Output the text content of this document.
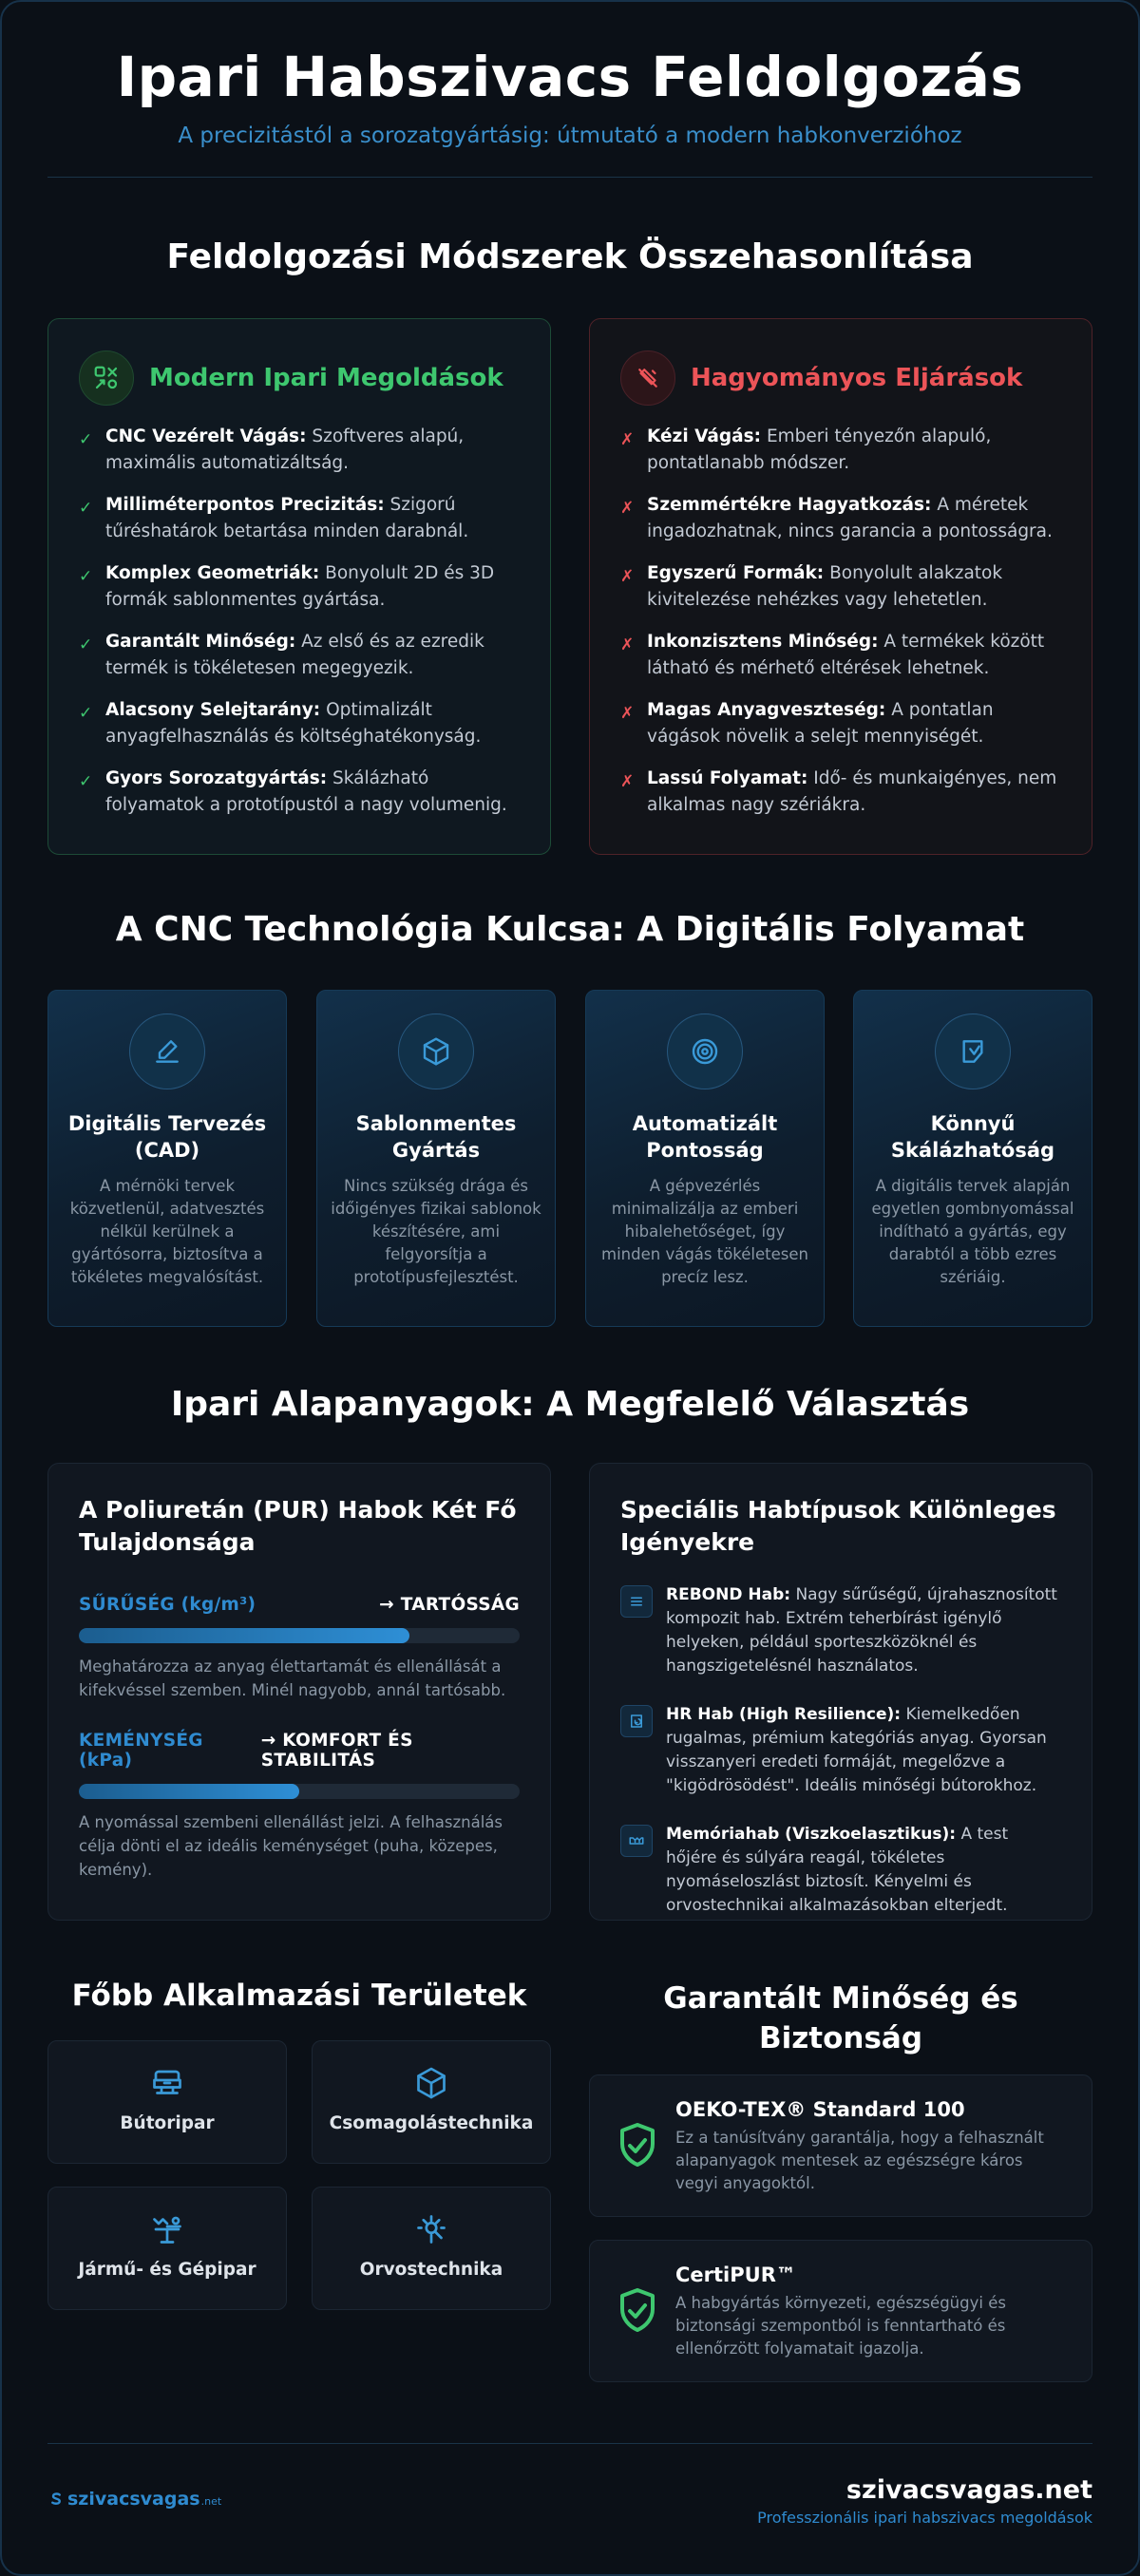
Ipari Habszivacs Feldolgozás
A precizitástól a sorozatgyártásig: útmutató a modern habkonverzióhoz
Feldolgozási Módszerek Összehasonlítása
Modern Ipari Megoldások
✓ CNC Vezérelt Vágás: Szoftveres alapú, maximális automatizáltság.
✓ Milliméterpontos Precizitás: Szigorú tűréshatárok betartása minden darabnál.
✓ Komplex Geometriák: Bonyolult 2D és 3D formák sablonmentes gyártása.
✓ Garantált Minőség: Az első és az ezredik termék is tökéletesen megegyezik.
✓ Alacsony Selejtarány: Optimalizált anyagfelhasználás és költséghatékonyság.
✓ Gyors Sorozatgyártás: Skálázható folyamatok a prototípustól a nagy volumenig.
Hagyományos Eljárások
✗ Kézi Vágás: Emberi tényezőn alapuló, pontatlanabb módszer.
✗ Szemmértékre Hagyatkozás: A méretek ingadozhatnak, nincs garancia a pontosságra.
✗ Egyszerű Formák: Bonyolult alakzatok kivitelezése nehézkes vagy lehetetlen.
✗ Inkonzisztens Minőség: A termékek között látható és mérhető eltérések lehetnek.
✗ Magas Anyagveszteség: A pontatlan vágások növelik a selejt mennyiségét.
✗ Lassú Folyamat: Idő- és munkaigényes, nem alkalmas nagy szériákra.
A CNC Technológia Kulcsa: A Digitális Folyamat
Digitális Tervezés (CAD)
A mérnöki tervek közvetlenül, adatvesztés nélkül kerülnek a gyártósorra, biztosítva a tökéletes megvalósítást.
Sablonmentes Gyártás
Nincs szükség drága és időigényes fizikai sablonok készítésére, ami felgyorsítja a prototípusfejlesztést.
Automatizált Pontosság
A gépvezérlés minimalizálja az emberi hibalehetőséget, így minden vágás tökéletesen precíz lesz.
Könnyű Skálázhatóság
A digitális tervek alapján egyetlen gombnyomással indítható a gyártás, egy darabtól a több ezres szériáig.
Ipari Alapanyagok: A Megfelelő Választás
A Poliuretán (PUR) Habok Két Fő Tulajdonsága
SŰRŰSÉG (kg/m³)	→ TARTÓSSÁG
Meghatározza az anyag élettartamát és ellenállását a kifekvéssel szemben. Minél nagyobb, annál tartósabb.
KEMÉNYSÉG (kPa)
→ KOMFORT ÉS STABILITÁS
A nyomással szembeni ellenállást jelzi. A felhasználás célja dönti el az ideális keménységet (puha, közepes, kemény).
Speciális Habtípusok Különleges Igényekre
REBOND Hab: Nagy sűrűségű, újrahasznosított kompozit hab. Extrém teherbírást igénylő helyeken, például sporteszközöknél és hangszigetelésnél használatos.
HR Hab (High Resilience): Kiemelkedően rugalmas, prémium kategóriás anyag. Gyorsan visszanyeri eredeti formáját, megelőzve a "kigödrösödést". Ideális minőségi bútorokhoz.
Memóriahab (Viszkoelasztikus): A test hőjére és súlyára reagál, tökéletes nyomáseloszlást biztosít. Kényelmi és orvostechnikai alkalmazásokban elterjedt.
Főbb Alkalmazási Területek
Bútoripar	Csomagolástechnika
Jármű- és Gépipar	Orvostechnika
Garantált Minőség és Biztonság
OEKO-TEX® Standard 100
Ez a tanúsítvány garantálja, hogy a felhasznált alapanyagok mentesek az egészségre káros vegyi anyagoktól.
CertiPUR™
A habgyártás környezeti, egészségügyi és biztonsági szempontból is fenntartható és ellenőrzött folyamatait igazolja.
szivacsvagas .net	szivacsvagas.net
Professzionális ipari habszivacs megoldások
